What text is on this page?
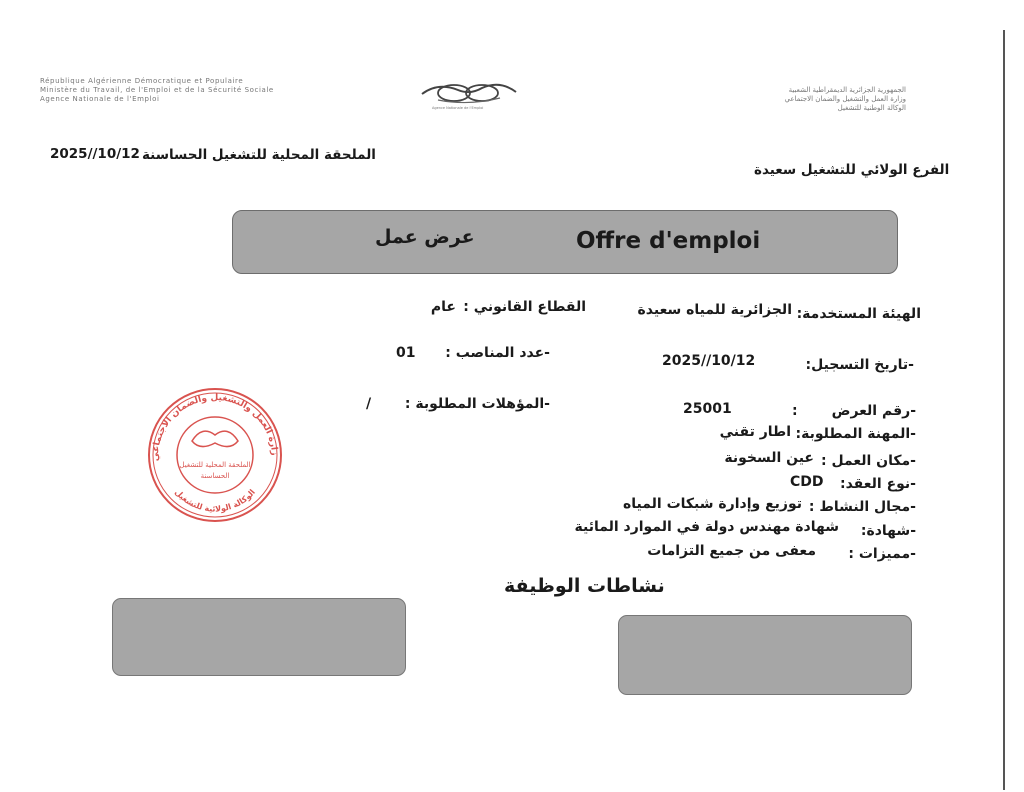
République Algérienne Démocratique et Populaire
Ministère du Travail, de l'Emploi et de la Sécurité Sociale
Agence Nationale de l'Emploi
Agence Nationale de l'Emploi
الجمهورية الجزائرية الديمقراطية الشعبية
وزارة العمل والتشغيل والضمان الاجتماعي
الوكالة الوطنية للتشغيل
2025//10/12 الملحقة المحلية للتشغيل الحساسنة
الفرع الولائي للتشغيل سعيدة
عرض عمل	Offre d'emploi
الهيئة المستخدمة:
الجزائرية للمياه سعيدة
القطاع القانوني :
عام
-تاريخ التسجيل:
2025//10/12
-عدد المناصب :
01
-المؤهلات المطلوبة :
/	-رقم العرض
:
25001
-المهنة المطلوبة:
اطار تقني
-مكان العمل :
عين السخونة
-نوع العقد:
CDD
-مجال النشاط :
توزيع وإدارة شبكات المياه
-شهادة:
شهادة مهندس دولة في الموارد المائية
-مميزات :
معفى من جميع التزامات
نشاطات الوظيفة
زارة العمل والتشغيل والضمان الاجتماعي
الوكالة الولائية للتشغيل
الملحقة المحلية للتشغيل
الحساسنة
